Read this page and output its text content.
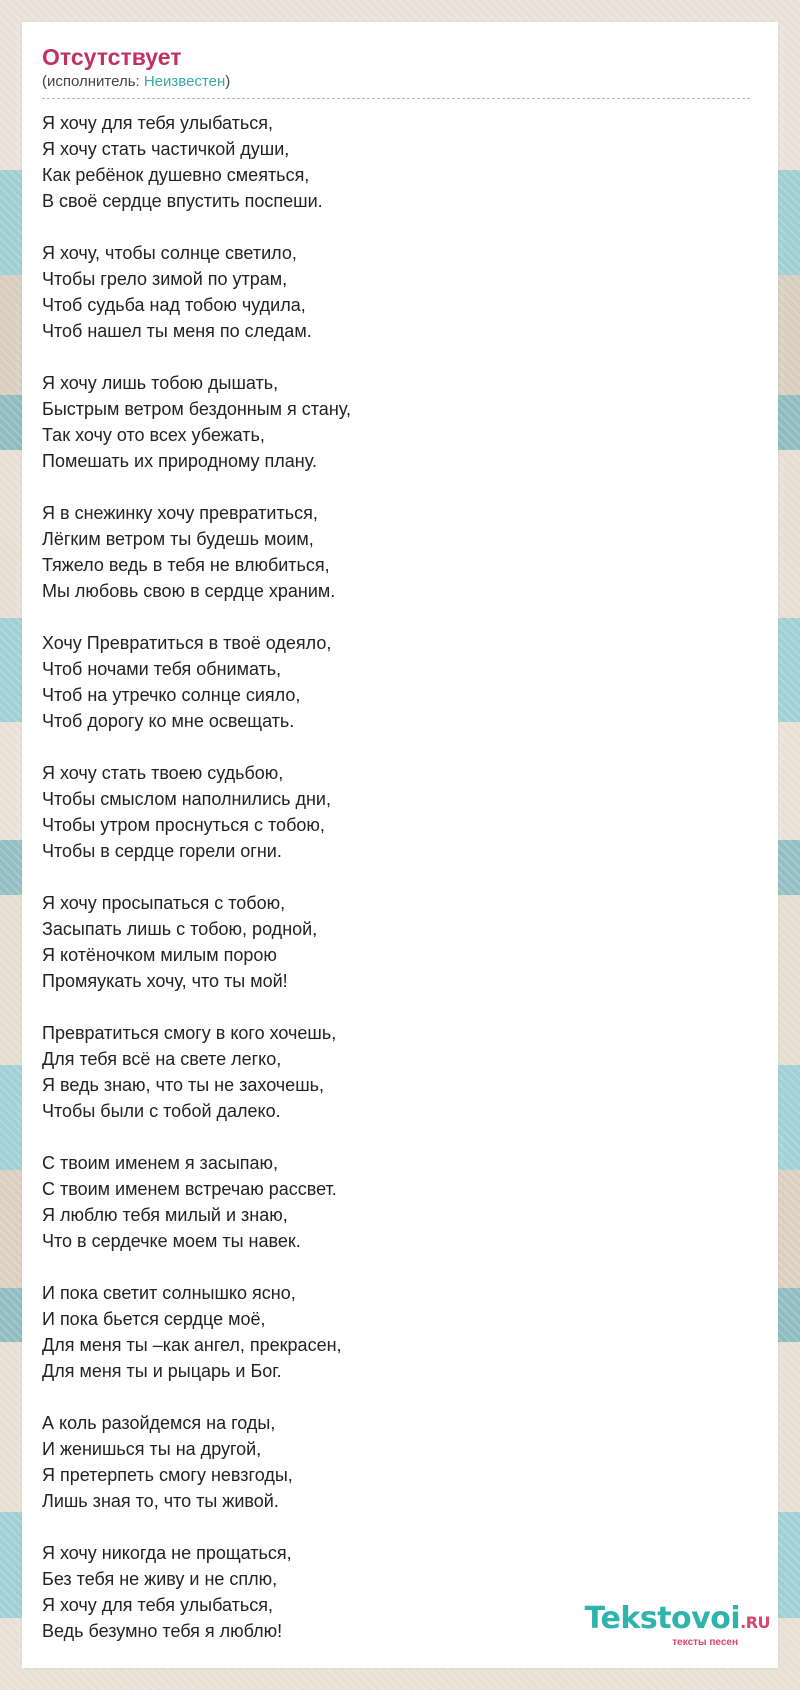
Отсутствует
(исполнитель: Неизвестен)
Я хочу для тебя улыбаться,
Я хочу стать частичкой души,
Как ребёнок душевно смеяться,
В своё сердце впустить поспеши.
Я хочу, чтобы солнце светило,
Чтобы грело зимой по утрам,
Чтоб судьба над тобою чудила,
Чтоб нашел ты меня по следам.
Я хочу лишь тобою дышать,
Быстрым ветром бездонным я стану,
Так хочу ото всех убежать,
Помешать их природному плану.
Я в снежинку хочу превратиться,
Лёгким ветром ты будешь моим,
Тяжело ведь в тебя не влюбиться,
Мы любовь свою в сердце храним.
Хочу Превратиться в твоё одеяло,
Чтоб ночами тебя обнимать,
Чтоб на утречко солнце сияло,
Чтоб дорогу ко мне освещать.
Я хочу стать твоею судьбою,
Чтобы смыслом наполнились дни,
Чтобы утром проснуться с тобою,
Чтобы в сердце горели огни.
Я хочу просыпаться с тобою,
Засыпать лишь с тобою, родной,
Я котёночком милым порою
Промяукать хочу, что ты мой!
Превратиться смогу в кого хочешь,
Для тебя всё на свете легко,
Я ведь знаю, что ты не захочешь,
Чтобы были с тобой далеко.
С твоим именем я засыпаю,
С твоим именем встречаю рассвет.
Я люблю тебя милый и знаю,
Что в сердечке моем ты навек.
И пока светит солнышко ясно,
И пока бьется сердце моё,
Для меня ты –как ангел, прекрасен,
Для меня ты и рыцарь и Бог.
А коль разойдемся на годы,
И женишься ты на другой,
Я претерпеть смогу невзгоды,
Лишь зная то, что ты живой.
Я хочу никогда не прощаться,
Без тебя не живу и не сплю,
Я хочу для тебя улыбаться,
Ведь безумно тебя я люблю!	Tekstovoi.RU
тексты песен
